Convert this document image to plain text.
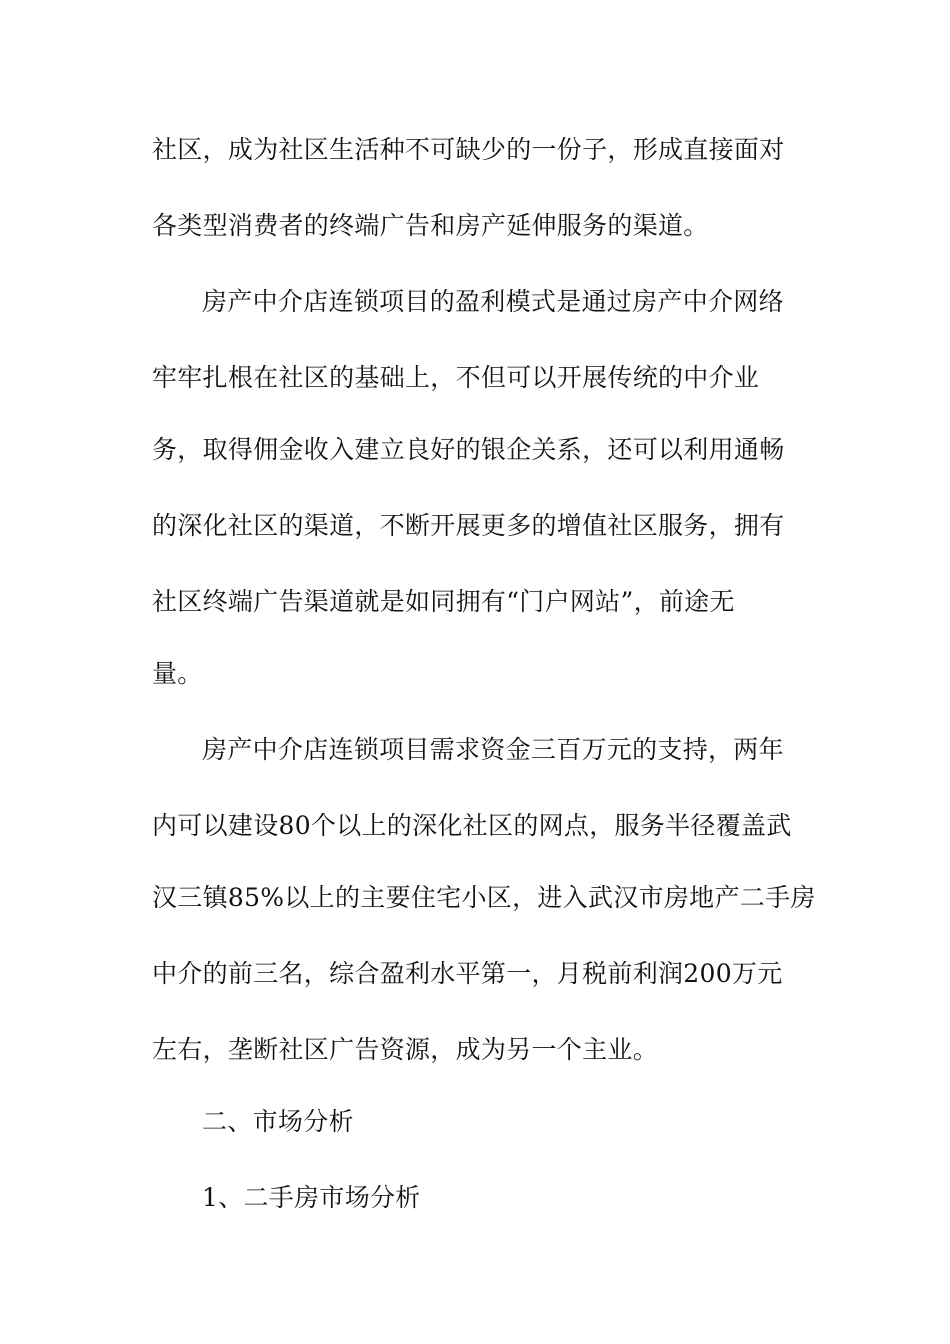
社区，成为社区生活种不可缺少的一份子，形成直接面对
各类型消费者的终端广告和房产延伸服务的渠道。
房产中介店连锁项目的盈利模式是通过房产中介网络
牢牢扎根在社区的基础上，不但可以开展传统的中介业
务，取得佣金收入建立良好的银企关系，还可以利用通畅
的深化社区的渠道，不断开展更多的增值社区服务，拥有
社区终端广告渠道就是如同拥有“门户网站”，前途无
量。
房产中介店连锁项目需求资金三百万元的支持，两年
内可以建设80个以上的深化社区的网点，服务半径覆盖武
汉三镇85%以上的主要住宅小区，进入武汉市房地产二手房
中介的前三名，综合盈利水平第一，月税前利润200万元
左右，垄断社区广告资源，成为另一个主业。
二、市场分析
1、二手房市场分析
